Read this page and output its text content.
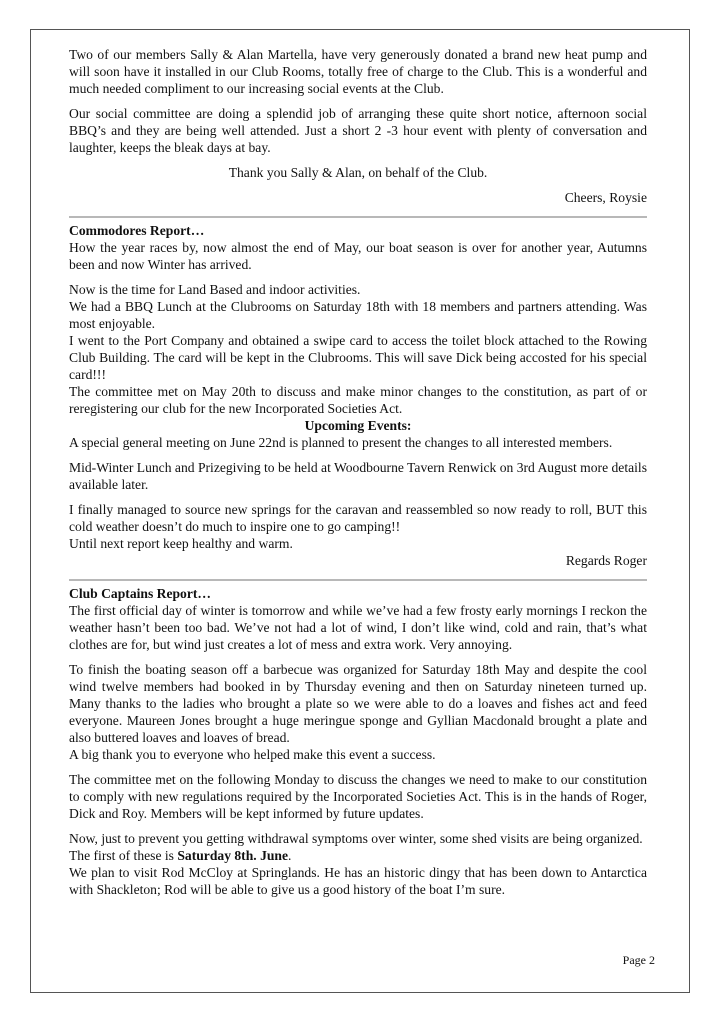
Two of our members Sally & Alan Martella, have very generously donated a brand new heat pump and will soon have it installed in our Club Rooms, totally free of charge to the Club. This is a wonderful and much needed compliment to our increasing social events at the Club.

Our social committee are doing a splendid job of arranging these quite short notice, afternoon social BBQ’s and they are being well attended. Just a short 2 -3 hour event with plenty of conversation and laughter, keeps the bleak days at bay.

Thank you Sally & Alan, on behalf of the Club.

Cheers, Roysie

Commodores Report…

How the year races by, now almost the end of May, our boat season is over for another year, Autumns been and now Winter has arrived.

Now is the time for Land Based and indoor activities.

We had a BBQ Lunch at the Clubrooms on Saturday 18th with 18 members and partners attending. Was most enjoyable.

I went to the Port Company and obtained a swipe card to access the toilet block attached to the Rowing Club Building. The card will be kept in the Clubrooms. This will save Dick being accosted for his special card!!!

The committee met on May 20th to discuss and make minor changes to the constitution, as part of or reregistering our club for the new Incorporated Societies Act.

Upcoming Events:

A special general meeting on June 22nd is planned to present the changes to all interested members.

Mid-Winter Lunch and Prizegiving to be held at Woodbourne Tavern Renwick on 3rd August more details available later.

I finally managed to source new springs for the caravan and reassembled so now ready to roll, BUT this cold weather doesn’t do much to inspire one to go camping!!

Until next report keep healthy and warm.

Regards Roger

Club Captains Report…

The first official day of winter is tomorrow and while we’ve had a few frosty early mornings I reckon the weather hasn’t been too bad. We’ve not had a lot of wind, I don’t like wind, cold and rain, that’s what clothes are for, but wind just creates a lot of mess and extra work. Very annoying.

To finish the boating season off a barbecue was organized for Saturday 18th May and despite the cool wind twelve members had booked in by Thursday evening and then on Saturday nineteen turned up. Many thanks to the ladies who brought a plate so we were able to do a loaves and fishes act and feed everyone. Maureen Jones brought a huge meringue sponge and Gyllian Macdonald brought a plate and also buttered loaves and loaves of bread.

A big thank you to everyone who helped make this event a success.

The committee met on the following Monday to discuss the changes we need to make to our constitution to comply with new regulations required by the Incorporated Societies Act. This is in the hands of Roger, Dick and Roy. Members will be kept informed by future updates.

Now, just to prevent you getting withdrawal symptoms over winter, some shed visits are being organized.

The first of these is Saturday 8th. June.

We plan to visit Rod McCloy at Springlands. He has an historic dingy that has been down to Antarctica with Shackleton; Rod will be able to give us a good history of the boat I’m sure.

Page 2
